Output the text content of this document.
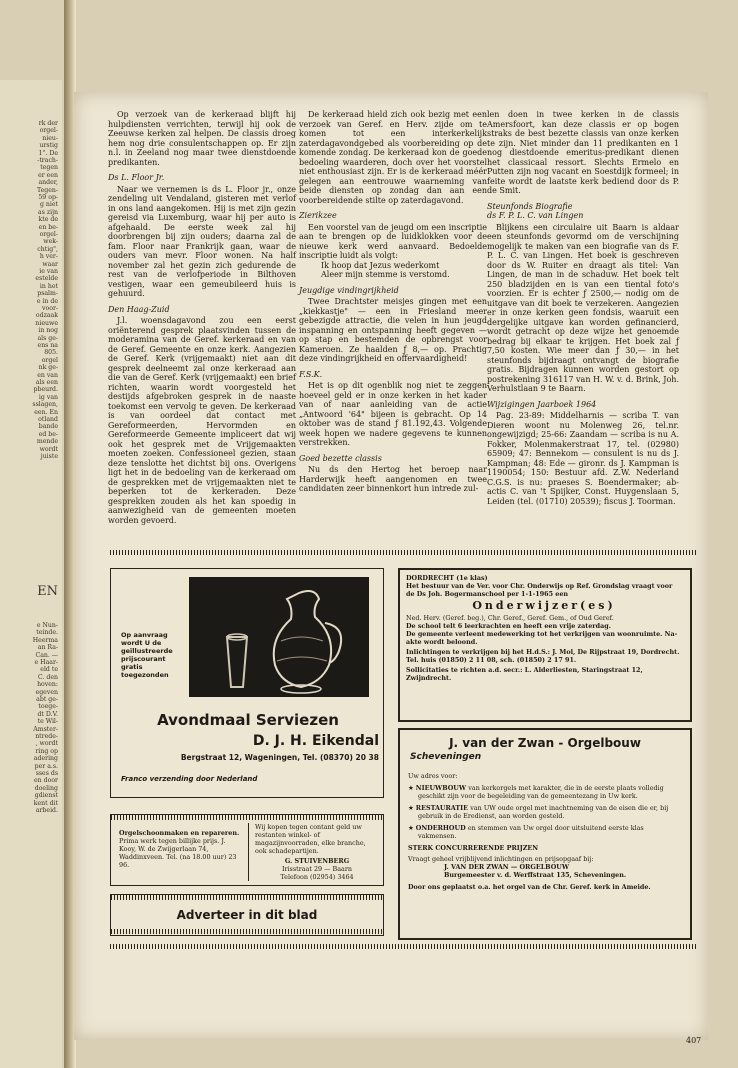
rk der
orgel-
nieu-
urstig
1". De
-trach-
tegen
er een
ander,
Tegen-
59 op-
g niet
as zijn
kte de
en be-
orgel-
wek-
chtig",
h ver-
waar
ie van
estelde
in het
psalm-
e in de
voor-
odzaak
nieuwe
in nog
als ge-
ens na
805.
orgel
nk ge-
en van
als een
pbeurd.
ig van
sslagen,
een. En
otland
bande
ed be-
mende
wordt
juiste
EN
e Nun-
teinde.
Heerma
an Ra-
Can. —
e Haar-
eld te
C. den
hoven:
egeven
abt ge-
toege-
dt D.V.
te Wil-
Amster-
ntrede-
, wordt
ring op
adering
per a.s.
sses ds
en door
doeling
gdienst
kent dit
arbeid.

Op verzoek van de kerkeraad blijft hij hulpdiensten verrichten, terwijl hij ook de Zeeuwse kerken zal helpen. De classis droeg hem nog drie consulentschappen op. Er zijn n.l. in Zeeland nog maar twee dienstdoende predikanten.

Ds L. Floor Jr.

Naar we vernemen is ds L. Floor jr., onze zendeling uit Vendaland, gisteren met verlof in ons land aangekomen. Hij is met zijn gezin gereisd via Luxemburg, waar hij per auto is afgehaald. De eerste week zal hij doorbrengen bij zijn ouders; daarna zal de fam. Floor naar Frankrijk gaan, waar de ouders van mevr. Floor wonen. Na half november zal het gezin zich gedurende de rest van de verlofperiode in Bilthoven vestigen, waar een gemeubileerd huis is gehuurd.

Den Haag-Zuid

J.l. woensdagavond zou een eerst oriënterend gesprek plaatsvinden tussen de moderamina van de Geref. kerkeraad en van de Geref. Gemeente en onze kerk. Aangezien de Geref. Kerk (vrijgemaakt) niet aan dit gesprek deelneemt zal onze kerkeraad aan die van de Geref. Kerk (vrijgemaakt) een brief richten, waarin wordt voorgesteld het destijds afgebroken gesprek in de naaste toekomst een vervolg te geven. De kerkeraad is van oordeel dat contact met Gereformeerden, Hervormden en Gereformeerde Gemeente impliceert dat wij ook het gesprek met de Vrijgemaakten moeten zoeken. Confessioneel gezien, staan deze tenslotte het dichtst bij ons. Overigens ligt het in de bedoeling van de kerkeraad om de gesprekken met de vrijgemaakten niet te beperken tot de kerkeraden. Deze gesprekken zouden als het kan spoedig in aanwezigheid van de gemeenten moeten worden gevoerd.

De kerkeraad hield zich ook bezig met een verzoek van Geref. en Herv. zijde om te komen tot een interkerkelijk zaterdagavondgebed als voorbereiding op de komende zondag. De kerkeraad kon de goede bedoeling waarderen, doch over het voorstel niet enthousiast zijn. Er is de kerkeraad méér gelegen aan eentrouwe waarneming van beide diensten op zondag dan aan een voorbereidende stilte op zaterdagavond.

Zierikzee

Een voorstel van de jeugd om een inscriptie aan te brengen op de luidklokken voor de nieuwe kerk werd aanvaard. Bedoelde inscriptie luidt als volgt:

Ik hoop dat Jezus wederkomt

Aleer mijn stemme is verstomd.

Jeugdige vindingrijkheid

Twee Drachtster meisjes gingen met een „kiekkastje" — een in Friesland meer gebezigde attractie, die velen in hun jeugd inspanning en ontspanning heeft gegeven — op stap en bestemden de opbrengst voor Kameroen. Ze haalden ƒ 8,— op. Prachtig deze vindingrijkheid en offervaardigheid!

F.S.K.

Het is op dit ogenblik nog niet te zeggen hoeveel geld er in onze kerken in het kader van of naar aanleiding van de actie „Antwoord '64" bijeen is gebracht. Op 14 oktober was de stand ƒ 81.192,43. Volgende week hopen we nadere gegevens te kunnen verstrekken.

Goed bezette classis

Nu ds den Hertog het beroep naar Harderwijk heeft aangenomen en twee candidaten zeer binnenkort hun intrede zul-

len doen in twee kerken in de classis Amersfoort, kan deze classis er op bogen straks de best bezette classis van onze kerken te zijn. Niet minder dan 11 predikanten en 1 nog diestdoende emeritus-predikant dienen het classicaal ressort. Slechts Ermelo en Putten zijn nog vacant en Soestdijk formeel; in feite wordt de laatste kerk bediend door ds P. de Smit.

Steunfonds Biografie
ds F. P. L. C. van Lingen

Blijkens een circulaire uit Baarn is aldaar een steunfonds gevormd om de verschijning mogelijk te maken van een biografie van ds F. P. L. C. van Lingen. Het boek is geschreven door ds W. Ruiter en draagt als titel: Van Lingen, de man in de schaduw. Het boek telt 250 bladzijden en is van een tiental foto's voorzien. Er is echter ƒ 2500,— nodig om de uitgave van dit boek te verzekeren. Aangezien er in onze kerken geen fondsis, waaruit een dergelijke uitgave kan worden gefinancierd, wordt getracht op deze wijze het genoemde bedrag bij elkaar te krijgen. Het boek zal ƒ 7,50 kosten. Wie meer dan ƒ 30,— in het steunfonds bijdraagt ontvangt de biografie gratis. Bijdragen kunnen worden gestort op postrekening 316117 van H. W. v. d. Brink, Joh. Verhulstlaan 9 te Baarn.

Wijzigingen Jaarboek 1964

Pag. 23-89: Middelharnis — scriba T. van Dieren woont nu Molenweg 26, tel.nr. ongewijzigd; 25-66: Zaandam — scriba is nu A. Fokker, Molenmakerstraat 17, tel. (02980) 65909; 47: Bennekom — consulent is nu ds J. Kampman; 48: Ede — gironr. ds J. Kampman is 1190054; 150: Bestuur afd. Z.W. Nederland C.G.S. is nu: praeses S. Boendermaker; ab-actis C. van 't Spijker, Const. Huygenslaan 5, Leiden (tel. (01710) 20539); fiscus J. Toorman.

Op aanvraag wordt U de geïllustreerde prijscourant gratis toegezonden
Avondmaal Serviezen
D. J. H. Eikendal
Bergstraat 12, Wageningen, Tel. (08370) 20 38
Franco verzending door Nederland
Orgelschoonmaken en repareren.
Prima werk tegen billijke prijs. J. Kooy, W. de Zwijgerlaan 74, Waddinxveen. Tel. (na 18.00 uur) 23 96.
Wij kopen tegen contant geld uw restanten winkel- of magazijnvoorraden, elke branche, ook schadepartijen.
G. STUIVENBERG
Irisstraat 29 — Baarn
Telefoon (02954) 3464
Adverteer in dit blad
DORDRECHT (1e klas)
Het bestuur van de Ver. voor Chr. Onderwijs op Ref. Grondslag vraagt voor de Ds Joh. Bogermanschool per 1-1-1965 een
Onderwijzer(es)
Ned. Herv. (Geref. beg.), Chr. Geref., Geref. Gem., of Oud Geref.
De school telt 6 leerkrachten en heeft een vrije zaterdag.
De gemeente verleent medewerking tot het verkrijgen van woonruimte. Na-akte wordt beloond.
Inlichtingen te verkrijgen bij het H.d.S.: J. Mol, De Rijpstraat 19, Dordrecht. Tel. huis (01850) 2 11 08, sch. (01850) 2 17 91.
Sollicitaties te richten a.d. secr.: L. Alderliesten, Staringstraat 12, Zwijndrecht.
J. van der Zwan - Orgelbouw
Scheveningen
Uw adres voor:
★ NIEUWBOUW van kerkorgels met karakter, die in de eerste plaats volledig geschikt zijn voor de begeleiding van de gemeentezang in Uw kerk.
★ RESTAURATIE van UW oude orgel met inachtneming van de eisen die er, bij gebruik in de Eredienst, aan worden gesteld.
★ ONDERHOUD en stemmen van Uw orgel door uitsluitend eerste klas vakmensen.
STERK CONCURRERENDE PRIJZEN
Vraagt geheel vrijblijvend inlichtingen en prijsopgaaf bij:
J. VAN DER ZWAN — ORGELBOUW
Burgemeester v. d. Werffstraat 135, Scheveningen.
Door ons geplaatst o.a. het orgel van de Chr. Geref. kerk in Ameide.
407
